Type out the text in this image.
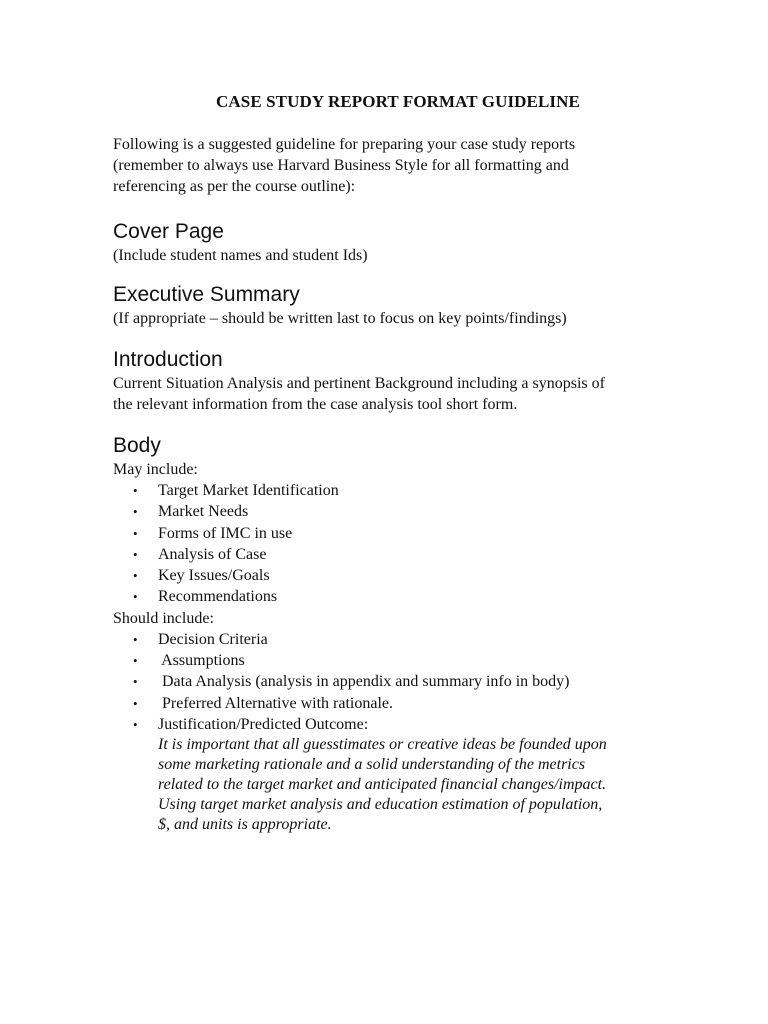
CASE STUDY REPORT FORMAT GUIDELINE

Following is a suggested guideline for preparing your case study reports
(remember to always use Harvard Business Style for all formatting and
referencing as per the course outline):

Cover Page

(Include student names and student Ids)

Executive Summary

(If appropriate – should be written last to focus on key points/findings)

Introduction

Current Situation Analysis and pertinent Background including a synopsis of
the relevant information from the case analysis tool short form.

Body

May include:

• Target Market Identification
• Market Needs
• Forms of IMC in use
• Analysis of Case
• Key Issues/Goals
• Recommendations

Should include:

• Decision Criteria
• Assumptions
• Data Analysis (analysis in appendix and summary info in body)
• Preferred Alternative with rationale.
• Justification/Predicted Outcome:

It is important that all guesstimates or creative ideas be founded upon
some marketing rationale and a solid understanding of the metrics
related to the target market and anticipated financial changes/impact.
Using target market analysis and education estimation of population,
$, and units is appropriate.
